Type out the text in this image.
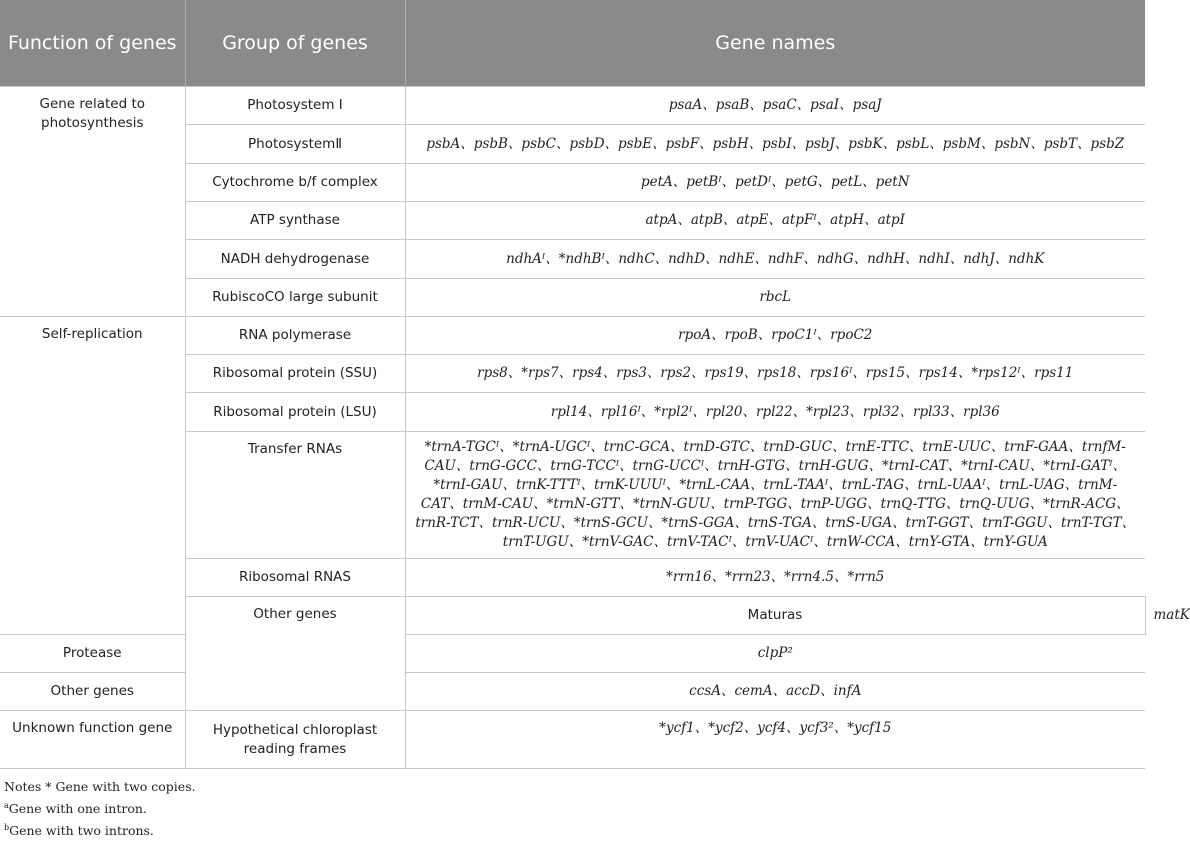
Function of genes	Group of genes	Gene names	
Gene related to photosynthesis	Photosystem Ⅰ	psaA、psaB、psaC、psaI、psaJ	
	PhotosystemⅡ	psbA、psbB、psbC、psbD、psbE、psbF、psbH、psbI、psbJ、psbK、psbL、psbM、psbN、psbT、psbZ	
	Cytochrome b/f complex	petA、petBᴵ、petDᴵ、petG、petL、petN	
	ATP synthase	atpA、atpB、atpE、atpFᴵ、atpH、atpI	
	NADH dehydrogenase	ndhAᴵ、*ndhBᴵ、ndhC、ndhD、ndhE、ndhF、ndhG、ndhH、ndhI、ndhJ、ndhK	
	RubiscoCO large subunit	rbcL	
Self-replication	RNA polymerase	rpoA、rpoB、rpoC1ᴵ、rpoC2	
	Ribosomal protein (SSU)	rps8、*rps7、rps4、rps3、rps2、rps19、rps18、rps16ᴵ、rps15、rps14、*rps12ᴵ、rps11	
	Ribosomal protein (LSU)	rpl14、rpl16ᴵ、*rpl2ᴵ、rpl20、rpl22、*rpl23、rpl32、rpl33、rpl36	
	Transfer RNAs	*trnA-TGCᴵ、*trnA-UGCᴵ、trnC-GCA、trnD-GTC、trnD-GUC、trnE-TTC、trnE-UUC、trnF-GAA、trnfM-CAU、trnG-GCC、trnG-TCCᴵ、trnG-UCCᴵ、trnH-GTG、trnH-GUG、*trnI-CAT、*trnI-CAU、*trnI-GATᴵ、*trnI-GAU、trnK-TTTᴵ、trnK-UUUᴵ、*trnL-CAA、trnL-TAAᴵ、trnL-TAG、trnL-UAAᴵ、trnL-UAG、trnM-CAT、trnM-CAU、*trnN-GTT、*trnN-GUU、trnP-TGG、trnP-UGG、trnQ-TTG、trnQ-UUG、*trnR-ACG、trnR-TCT、trnR-UCU、*trnS-GCU、*trnS-GGA、trnS-TGA、trnS-UGA、trnT-GGT、trnT-GGU、trnT-TGT、trnT-UGU、*trnV-GAC、trnV-TACᴵ、trnV-UACᴵ、trnW-CCA、trnY-GTA、trnY-GUA	
	Ribosomal RNAS	*rrn16、*rrn23、*rrn4.5、*rrn5	
	Other genes	Maturas	matK
Protease		clpP²	
Other genes		ccsA、cemA、accD、infA	
Unknown function gene	Hypothetical chloroplast reading frames	*ycf1、*ycf2、ycf4、ycf3²、*ycf15	
Notes * Gene with two copies.
$^a$Gene with one intron.
$^b$Gene with two introns.
